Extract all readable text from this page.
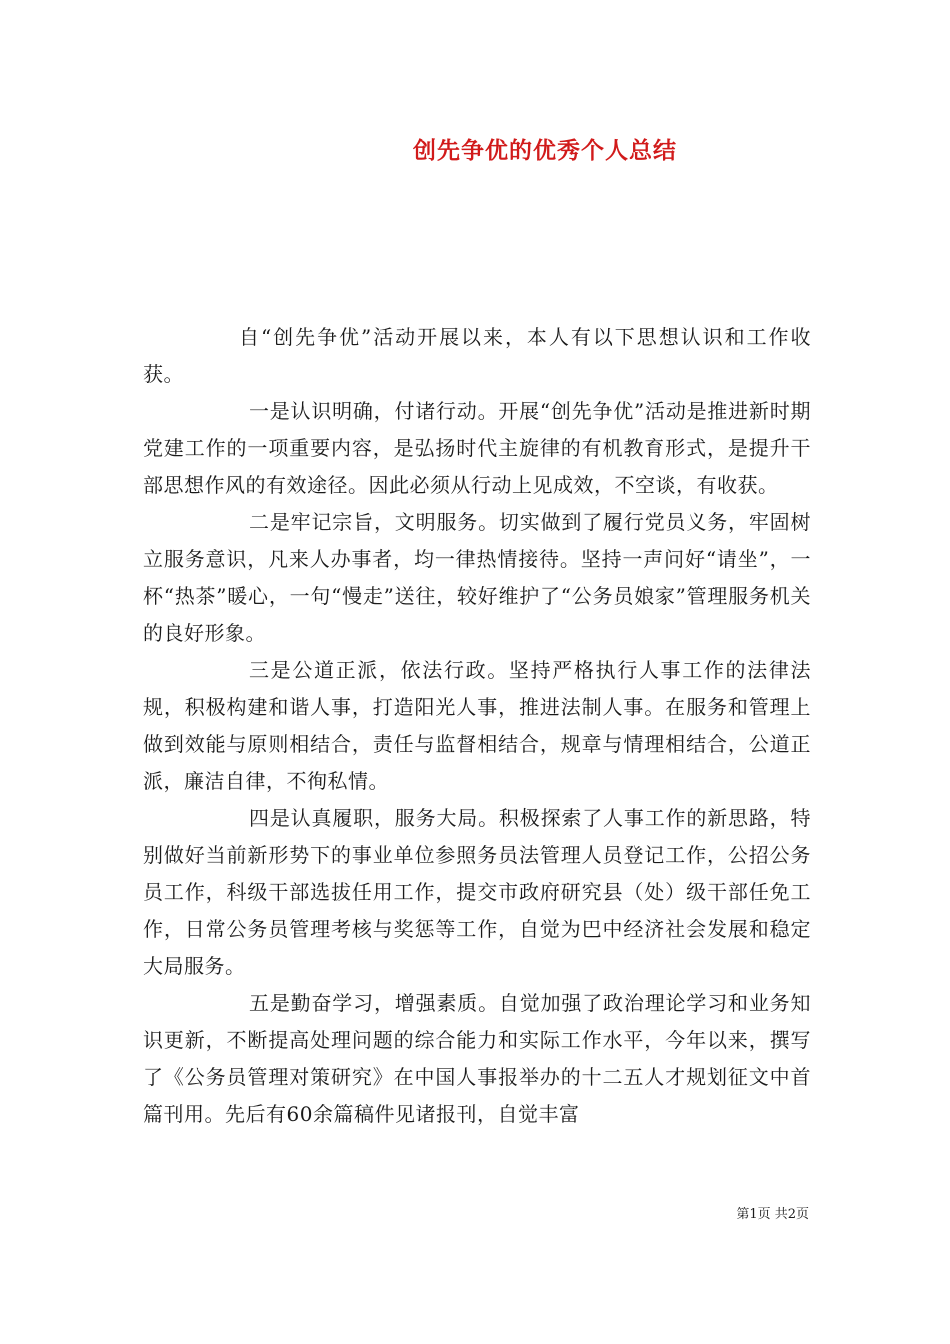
创先争优的优秀个人总结

自“创先争优”活动开展以来，本人有以下思想认识和工作收获。

一是认识明确，付诸行动。开展“创先争优”活动是推进新时期党建工作的一项重要内容，是弘扬时代主旋律的有机教育形式，是提升干部思想作风的有效途径。因此必须从行动上见成效，不空谈，有收获。

二是牢记宗旨，文明服务。切实做到了履行党员义务，牢固树立服务意识，凡来人办事者，均一律热情接待。坚持一声问好“请坐”，一杯“热茶”暖心，一句“慢走”送往，较好维护了“公务员娘家”管理服务机关的良好形象。

三是公道正派，依法行政。坚持严格执行人事工作的法律法规，积极构建和谐人事，打造阳光人事，推进法制人事。在服务和管理上做到效能与原则相结合，责任与监督相结合，规章与情理相结合，公道正派，廉洁自律，不徇私情。

四是认真履职，服务大局。积极探索了人事工作的新思路，特别做好当前新形势下的事业单位参照务员法管理人员登记工作，公招公务员工作，科级干部选拔任用工作，提交市政府研究县（处）级干部任免工作，日常公务员管理考核与奖惩等工作，自觉为巴中经济社会发展和稳定大局服务。

五是勤奋学习，增强素质。自觉加强了政治理论学习和业务知识更新，不断提高处理问题的综合能力和实际工作水平，今年以来，撰写了《公务员管理对策研究》在中国人事报举办的十二五人才规划征文中首篇刊用。先后有60余篇稿件见诸报刊，自觉丰富

第1页 共2页
